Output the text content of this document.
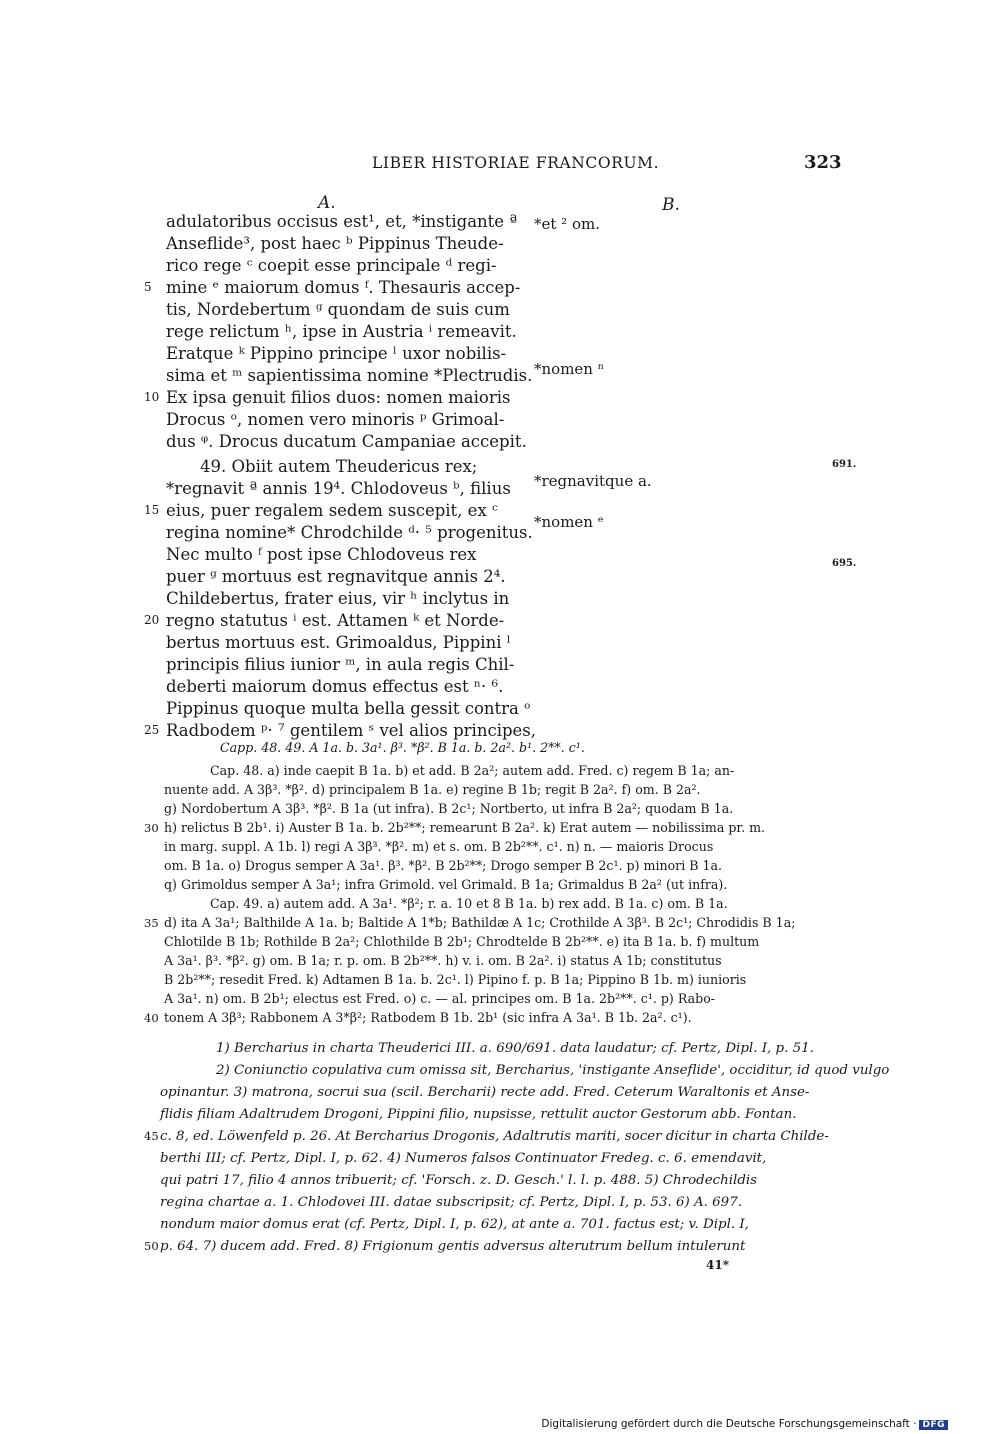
LIBER HISTORIAE FRANCORUM.	323
A.	B.
adulatoribus occisus est¹, et, *instigante ª
Anseflide³, post haec ᵇ Pippinus Theude-
rico rege ᶜ coepit esse principale ᵈ regi-
mine ᵉ maiorum domus ᶠ. Thesauris accep-
tis, Nordebertum ᵍ quondam de suis cum
rege relictum ʰ, ipse in Austria ⁱ remeavit.
Eratque ᵏ Pippino principe ˡ uxor nobilis-
sima et ᵐ sapientissima nomine *Plectrudis.
Ex ipsa genuit filios duos: nomen maioris
Drocus ᵒ, nomen vero minoris ᵖ Grimoal-
dus ᵠ. Drocus ducatum Campaniae accepit.
49. Obiit autem Theudericus rex;
*regnavit ª annis 19⁴. Chlodoveus ᵇ, filius
eius, puer regalem sedem suscepit, ex ᶜ
regina nomine* Chrodchilde ᵈ· ⁵ progenitus.
Nec multo ᶠ post ipse Chlodoveus rex
puer ᵍ mortuus est regnavitque annis 2⁴.
Childebertus, frater eius, vir ʰ inclytus in
regno statutus ⁱ est. Attamen ᵏ et Norde-
bertus mortuus est. Grimoaldus, Pippini ˡ
principis filius iunior ᵐ, in aula regis Chil-
deberti maiorum domus effectus est ⁿ· ⁶.
Pippinus quoque multa bella gessit contra ᵒ
Radbodem ᵖ· ⁷ gentilem ˢ vel alios principes,
5
10
15
20
25
*et ² om.
*nomen ⁿ
*regnavitque a.
*nomen ᵉ
691.
695.
Capp. 48. 49. A 1a. b. 3a¹. β³. *β². B 1a. b. 2a². b¹. 2**. c¹.
Cap. 48. a) inde caepit B 1a. b) et add. B 2a²; autem add. Fred. c) regem B 1a; an-
nuente add. A 3β³. *β². d) principalem B 1a. e) regine B 1b; regit B 2a². f) om. B 2a².
g) Nordobertum A 3β³. *β². B 1a (ut infra). B 2c¹; Nortberto, ut infra B 2a²; quodam B 1a.
h) relictus B 2b¹. i) Auster B 1a. b. 2b²**; remearunt B 2a². k) Erat autem — nobilissima pr. m.
in marg. suppl. A 1b. l) regi A 3β³. *β². m) et s. om. B 2b²**. c¹. n) n. — maioris Drocus
om. B 1a. o) Drogus semper A 3a¹. β³. *β². B 2b²**; Drogo semper B 2c¹. p) minori B 1a.
q) Grimoldus semper A 3a¹; infra Grimold. vel Grimald. B 1a; Grimaldus B 2a² (ut infra).
Cap. 49. a) autem add. A 3a¹. *β²; r. a. 10 et 8 B 1a. b) rex add. B 1a. c) om. B 1a.
d) ita A 3a¹; Balthilde A 1a. b; Baltide A 1*b; Bathildæ A 1c; Crothilde A 3β³. B 2c¹; Chrodidis B 1a;
Chlotilde B 1b; Rothilde B 2a²; Chlothilde B 2b¹; Chrodtelde B 2b²**. e) ita B 1a. b. f) multum
A 3a¹. β³. *β². g) om. B 1a; r. p. om. B 2b²**. h) v. i. om. B 2a². i) status A 1b; constitutus
B 2b²**; resedit Fred. k) Adtamen B 1a. b. 2c¹. l) Pipino f. p. B 1a; Pippino B 1b. m) iunioris
A 3a¹. n) om. B 2b¹; electus est Fred. o) c. — al. principes om. B 1a. 2b²**. c¹. p) Rabo-
tonem A 3β³; Rabbonem A 3*β²; Ratbodem B 1b. 2b¹ (sic infra A 3a¹. B 1b. 2a². c¹).
30
35
40
1) Bercharius in charta Theuderici III. a. 690/691. data laudatur; cf. Pertz, Dipl. I, p. 51.
2) Coniunctio copulativa cum omissa sit, Bercharius, 'instigante Anseflide', occiditur, id quod vulgo
opinantur. 3) matrona, socrui sua (scil. Bercharii) recte add. Fred. Ceterum Waraltonis et Anse-
flidis filiam Adaltrudem Drogoni, Pippini filio, nupsisse, rettulit auctor Gestorum abb. Fontan.
c. 8, ed. Löwenfeld p. 26. At Bercharius Drogonis, Adaltrutis mariti, socer dicitur in charta Childe-
berthi III; cf. Pertz, Dipl. I, p. 62. 4) Numeros falsos Continuator Fredeg. c. 6. emendavit,
qui patri 17, filio 4 annos tribuerit; cf. 'Forsch. z. D. Gesch.' l. l. p. 488. 5) Chrodechildis
regina chartae a. 1. Chlodovei III. datae subscripsit; cf. Pertz, Dipl. I, p. 53. 6) A. 697.
nondum maior domus erat (cf. Pertz, Dipl. I, p. 62), at ante a. 701. factus est; v. Dipl. I,
p. 64. 7) ducem add. Fred. 8) Frigionum gentis adversus alterutrum bellum intulerunt
45
50
41*
Digitalisierung gefördert durch die Deutsche Forschungsgemeinschaft · DFG
